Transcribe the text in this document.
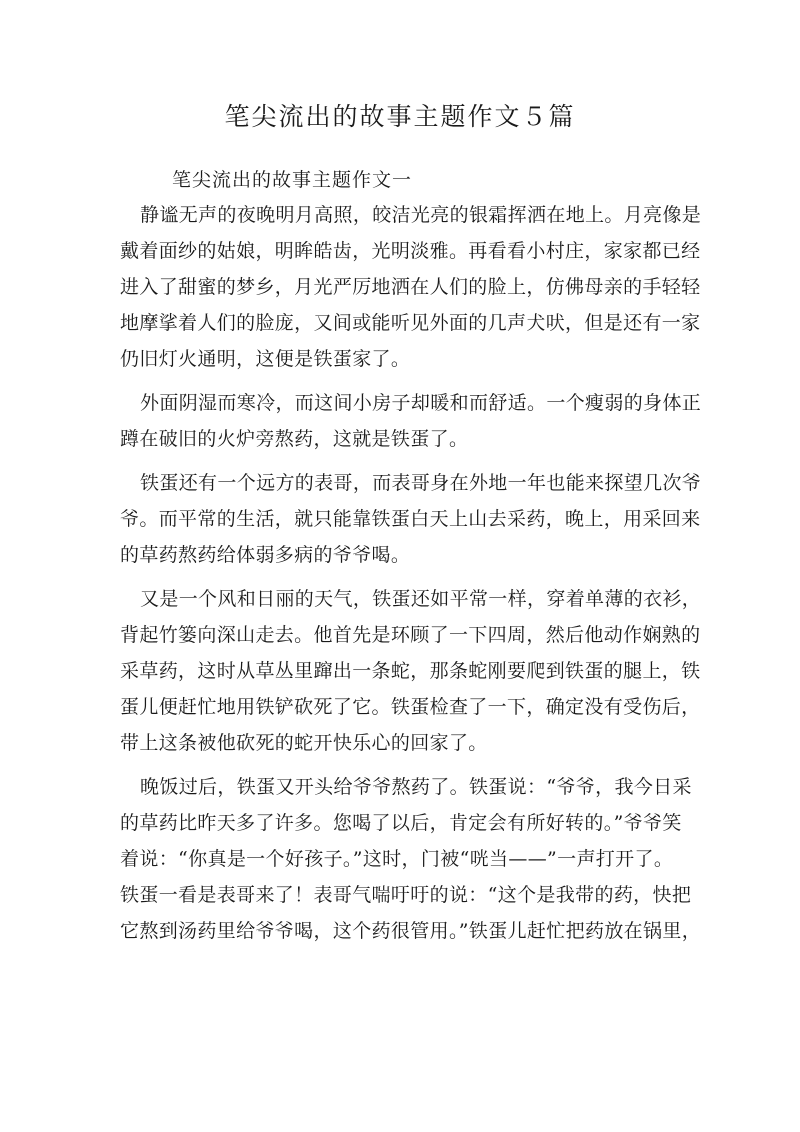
笔尖流出的故事主题作文５篇
笔尖流出的故事主题作文一
静谧无声的夜晚明月高照，皎洁光亮的银霜挥洒在地上。月亮像是
戴着面纱的姑娘，明眸皓齿，光明淡雅。再看看小村庄，家家都已经
进入了甜蜜的梦乡，月光严厉地洒在人们的脸上，仿佛母亲的手轻轻
地摩挲着人们的脸庞，又间或能听见外面的几声犬吠，但是还有一家
仍旧灯火通明，这便是铁蛋家了。
外面阴湿而寒冷，而这间小房子却暖和而舒适。一个瘦弱的身体正
蹲在破旧的火炉旁熬药，这就是铁蛋了。
铁蛋还有一个远方的表哥，而表哥身在外地一年也能来探望几次爷
爷。而平常的生活，就只能靠铁蛋白天上山去采药，晚上，用采回来
的草药熬药给体弱多病的爷爷喝。
又是一个风和日丽的天气，铁蛋还如平常一样，穿着单薄的衣衫，
背起竹篓向深山走去。他首先是环顾了一下四周，然后他动作娴熟的
采草药，这时从草丛里蹿出一条蛇，那条蛇刚要爬到铁蛋的腿上，铁
蛋儿便赶忙地用铁铲砍死了它。铁蛋检查了一下，确定没有受伤后，
带上这条被他砍死的蛇开快乐心的回家了。
晚饭过后，铁蛋又开头给爷爷熬药了。铁蛋说：“爷爷，我今日采
的草药比昨天多了许多。您喝了以后，肯定会有所好转的。”爷爷笑
着说：“你真是一个好孩子。”这时，门被“咣当——”一声打开了。
铁蛋一看是表哥来了！表哥气喘吁吁的说：“这个是我带的药，快把
它熬到汤药里给爷爷喝，这个药很管用。”铁蛋儿赶忙把药放在锅里，
